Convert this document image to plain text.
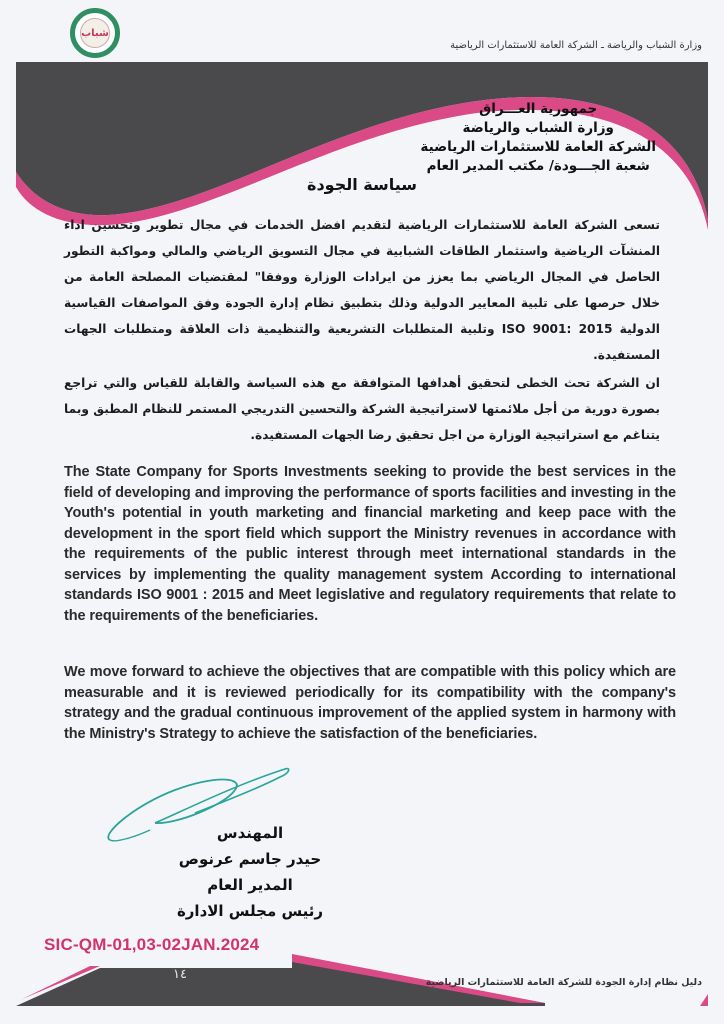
شباب
وزارة الشباب والرياضة ـ الشركة العامة للاستثمارات الرياضية
جمهورية العـــراق
وزارة الشباب والرياضة
الشركة العامة للاستثمارات الرياضية
شعبة الجـــودة/ مكتب المدير العام
سياسة الجودة
تسعى الشركة العامة للاستثمارات الرياضية لتقديم افضل الخدمات في مجال تطوير وتحسين اداء المنشآت الرياضية واستثمار الطاقات الشبابية في مجال التسويق الرياضي والمالي ومواكبة التطور الحاصل في المجال الرياضي بما يعزز من ايرادات الوزارة ووفقا" لمقتضيات المصلحة العامة من خلال حرصها على تلبية المعايير الدولية وذلك بتطبيق نظام إدارة الجودة وفق المواصفات القياسية الدولية 2015 :9001 ISO وتلبية المتطلبات التشريعية والتنظيمية ذات العلاقة ومتطلبات الجهات المستفيدة.
ان الشركة تحث الخطى لتحقيق أهدافها المتوافقة مع هذه السياسة والقابلة للقياس والتي تراجع بصورة دورية من أجل ملائمتها لاستراتيجية الشركة والتحسين التدريجي المستمر للنظام المطبق وبما يتناغم مع استراتيجية الوزارة من اجل تحقيق رضا الجهات المستفيدة.
The State Company for Sports Investments seeking to provide the best services in the field of developing and improving the performance of sports facilities and investing in the Youth's potential in youth marketing and financial marketing and keep pace with the development in the sport field which support the Ministry revenues in accordance with the requirements of the public interest through meet international standards in the services by implementing the quality management system According to international standards ISO 9001 : 2015 and Meet legislative and regulatory requirements that relate to the requirements of the beneficiaries.
We move forward to achieve the objectives that are compatible with this policy which are measurable and it is reviewed periodically for its compatibility with the company's strategy and the gradual continuous improvement of the applied system in harmony with the Ministry's Strategy to achieve the satisfaction of the beneficiaries.
المهندس
حيدر جاسم عرنوص
المدير العام
رئيس مجلس الادارة
SIC-QM-01,03-02JAN.2024
١٤
دليل نظام إدارة الجودة للشركة العامة للاستثمارات الرياضية
